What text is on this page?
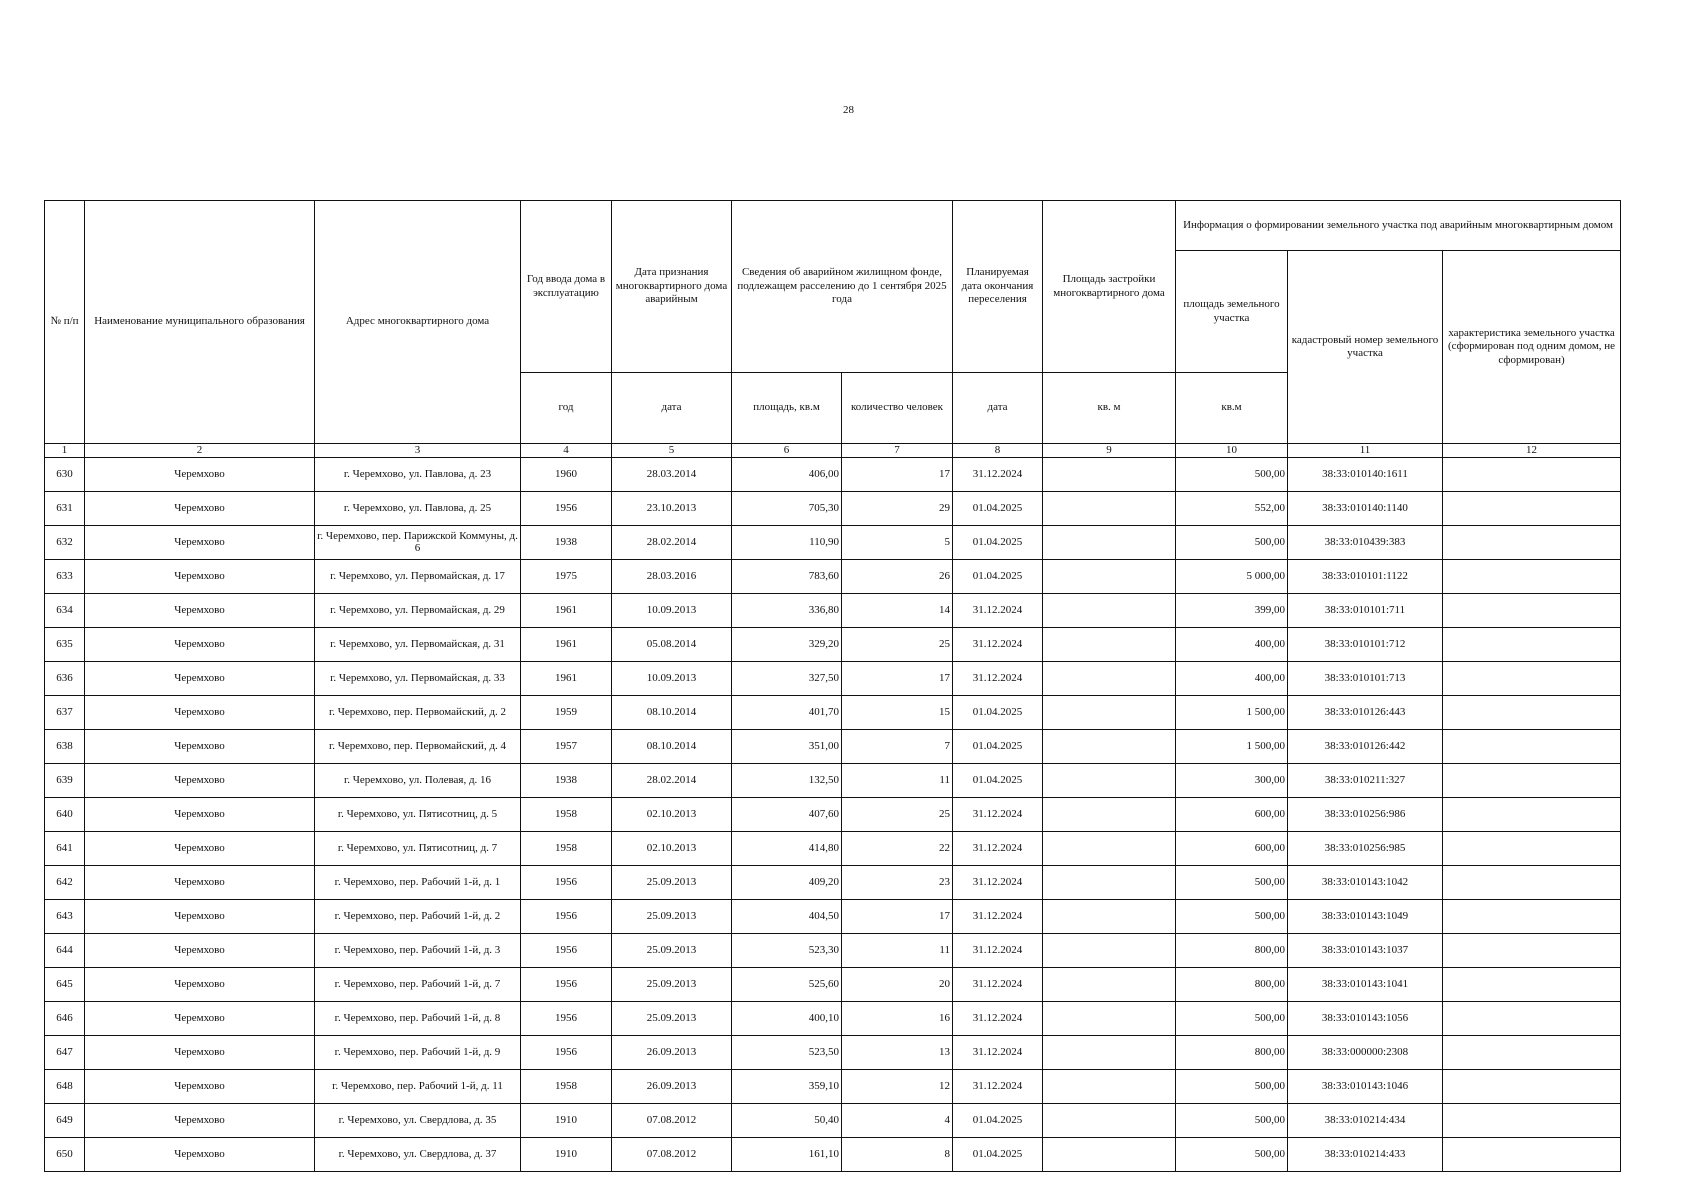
28
№ п/п	Наименование муниципального образования	Адрес многоквартирного дома	Год ввода дома в эксплуатацию	Дата признания многоквартирного дома аварийным	Сведения об аварийном жилищном фонде, подлежащем расселению до 1 сентября 2025 года		Планируемая дата окончания переселения	Площадь застройки многоквартирного дома	Информация о формировании земельного участка под аварийным многоквартирным домом		
									площадь земельного участка	кадастровый номер земельного участка	характеристика земельного участка (сформирован под одним домом, не сформирован)
			год	дата	площадь, кв.м	количество человек	дата	кв. м	кв.м		
1	2	3	4	5	6	7	8	9	10	11	12
630	Черемхово	г. Черемхово, ул. Павлова, д. 23	1960	28.03.2014	406,00	17	31.12.2024		500,00	38:33:010140:1611	
631	Черемхово	г. Черемхово, ул. Павлова, д. 25	1956	23.10.2013	705,30	29	01.04.2025		552,00	38:33:010140:1140	
632	Черемхово	г. Черемхово, пер. Парижской Коммуны, д. 6	1938	28.02.2014	110,90	5	01.04.2025		500,00	38:33:010439:383	
633	Черемхово	г. Черемхово, ул. Первомайская, д. 17	1975	28.03.2016	783,60	26	01.04.2025		5 000,00	38:33:010101:1122	
634	Черемхово	г. Черемхово, ул. Первомайская, д. 29	1961	10.09.2013	336,80	14	31.12.2024		399,00	38:33:010101:711	
635	Черемхово	г. Черемхово, ул. Первомайская, д. 31	1961	05.08.2014	329,20	25	31.12.2024		400,00	38:33:010101:712	
636	Черемхово	г. Черемхово, ул. Первомайская, д. 33	1961	10.09.2013	327,50	17	31.12.2024		400,00	38:33:010101:713	
637	Черемхово	г. Черемхово, пер. Первомайский, д. 2	1959	08.10.2014	401,70	15	01.04.2025		1 500,00	38:33:010126:443	
638	Черемхово	г. Черемхово, пер. Первомайский, д. 4	1957	08.10.2014	351,00	7	01.04.2025		1 500,00	38:33:010126:442	
639	Черемхово	г. Черемхово, ул. Полевая, д. 16	1938	28.02.2014	132,50	11	01.04.2025		300,00	38:33:010211:327	
640	Черемхово	г. Черемхово, ул. Пятисотниц, д. 5	1958	02.10.2013	407,60	25	31.12.2024		600,00	38:33:010256:986	
641	Черемхово	г. Черемхово, ул. Пятисотниц, д. 7	1958	02.10.2013	414,80	22	31.12.2024		600,00	38:33:010256:985	
642	Черемхово	г. Черемхово, пер. Рабочий 1-й, д. 1	1956	25.09.2013	409,20	23	31.12.2024		500,00	38:33:010143:1042	
643	Черемхово	г. Черемхово, пер. Рабочий 1-й, д. 2	1956	25.09.2013	404,50	17	31.12.2024		500,00	38:33:010143:1049	
644	Черемхово	г. Черемхово, пер. Рабочий 1-й, д. 3	1956	25.09.2013	523,30	11	31.12.2024		800,00	38:33:010143:1037	
645	Черемхово	г. Черемхово, пер. Рабочий 1-й, д. 7	1956	25.09.2013	525,60	20	31.12.2024		800,00	38:33:010143:1041	
646	Черемхово	г. Черемхово, пер. Рабочий 1-й, д. 8	1956	25.09.2013	400,10	16	31.12.2024		500,00	38:33:010143:1056	
647	Черемхово	г. Черемхово, пер. Рабочий 1-й, д. 9	1956	26.09.2013	523,50	13	31.12.2024		800,00	38:33:000000:2308	
648	Черемхово	г. Черемхово, пер. Рабочий 1-й, д. 11	1958	26.09.2013	359,10	12	31.12.2024		500,00	38:33:010143:1046	
649	Черемхово	г. Черемхово, ул. Свердлова, д. 35	1910	07.08.2012	50,40	4	01.04.2025		500,00	38:33:010214:434	
650	Черемхово	г. Черемхово, ул. Свердлова, д. 37	1910	07.08.2012	161,10	8	01.04.2025		500,00	38:33:010214:433	
